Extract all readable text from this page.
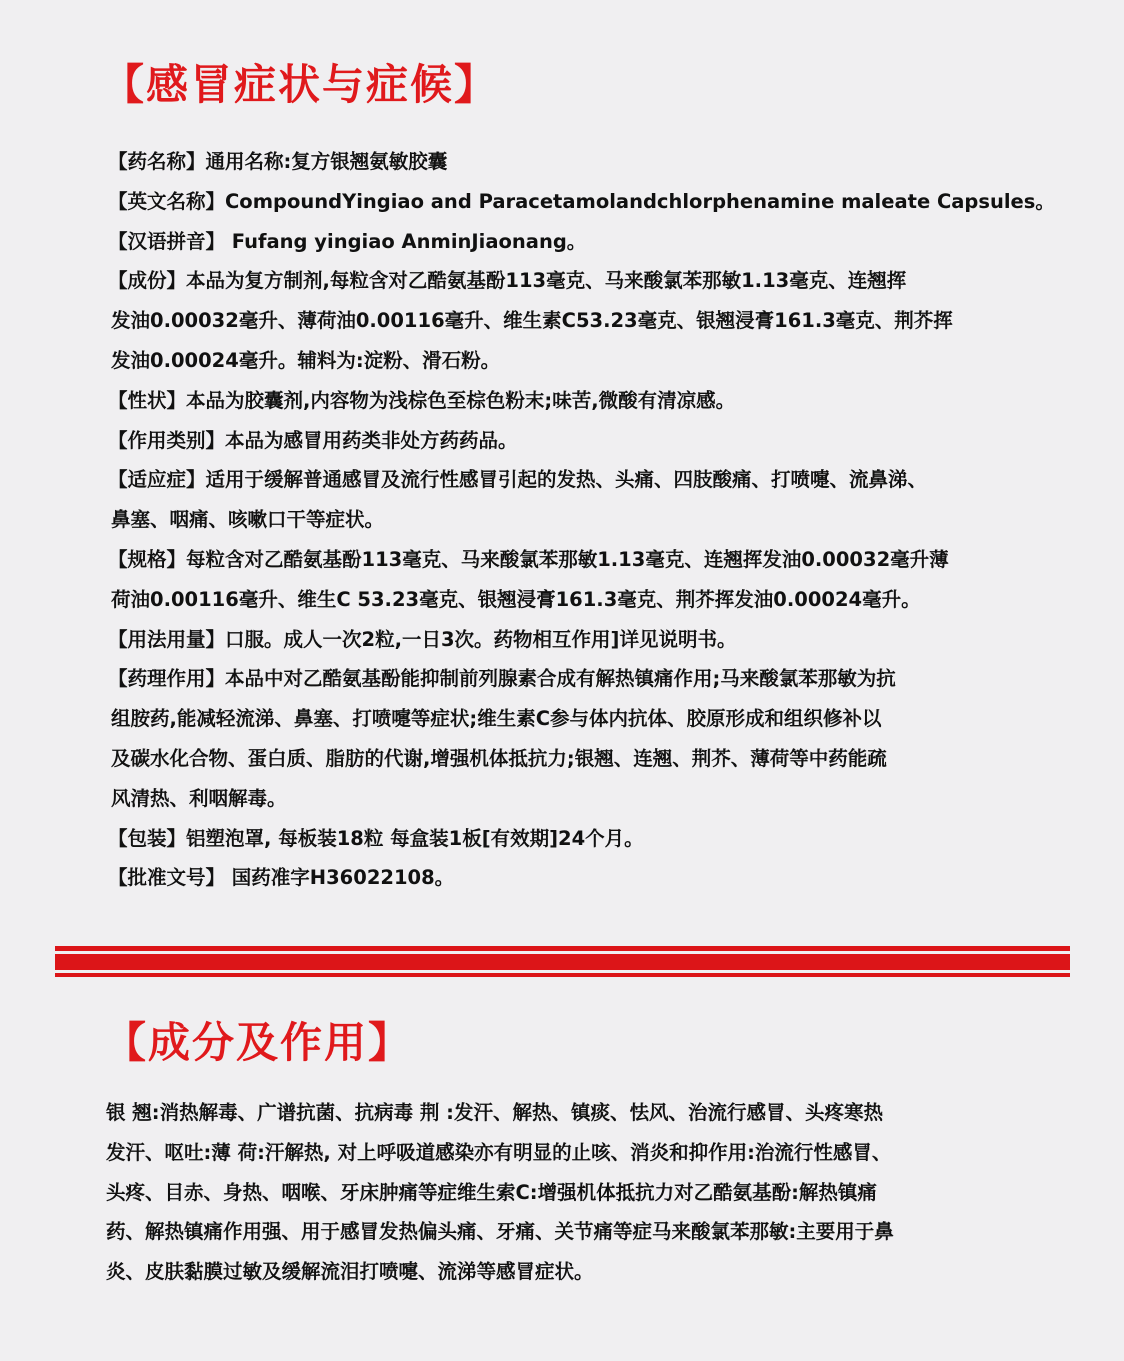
【感冒症状与症候】
【药名称】通用名称:复方银翘氨敏胶囊
【英文名称】CompoundYingiao and Paracetamolandchlorphenamine maleate Capsules。
【汉语拼音】 Fufang yingiao AnminJiaonang。
【成份】本品为复方制剂,每粒含对乙酷氨基酚113毫克、马来酸氯苯那敏1.13毫克、连翘挥
发油0.00032毫升、薄荷油0.00116毫升、维生素C53.23毫克、银翘浸膏161.3毫克、荆芥挥
发油0.00024毫升。辅料为:淀粉、滑石粉。
【性状】本品为胶囊剂,内容物为浅棕色至棕色粉末;味苦,微酸有清凉感。
【作用类别】本品为感冒用药类非处方药药品。
【适应症】适用于缓解普通感冒及流行性感冒引起的发热、头痛、四肢酸痛、打喷嚏、流鼻涕、
鼻塞、咽痛、咳嗽口干等症状。
【规格】每粒含对乙酷氨基酚113毫克、马来酸氯苯那敏1.13毫克、连翘挥发油0.00032毫升薄
荷油0.00116毫升、维生C 53.23毫克、银翘浸膏161.3毫克、荆芥挥发油0.00024毫升。
【用法用量】口服。成人一次2粒,一日3次。药物相互作用]详见说明书。
【药理作用】本品中对乙酷氨基酚能抑制前列腺素合成有解热镇痛作用;马来酸氯苯那敏为抗
组胺药,能减轻流涕、鼻塞、打喷嚏等症状;维生素C参与体内抗体、胶原形成和组织修补以
及碳水化合物、蛋白质、脂肪的代谢,增强机体抵抗力;银翘、连翘、荆芥、薄荷等中药能疏
风清热、利咽解毒。
【包装】铝塑泡罩, 每板装18粒 每盒装1板[有效期]24个月。
【批准文号】 国药准字H36022108。
【成分及作用】
银 翘:消热解毒、广谱抗菌、抗病毒 荆 :发汗、解热、镇痰、怯风、治流行感冒、头疼寒热
发汗、呕吐:薄 荷:汗解热, 对上呼吸道感染亦有明显的止咳、消炎和抑作用:治流行性感冒、
头疼、目赤、身热、咽喉、牙床肿痛等症维生索C:增强机体抵抗力对乙酷氨基酚:解热镇痛
药、解热镇痛作用强、用于感冒发热偏头痛、牙痛、关节痛等症马来酸氯苯那敏:主要用于鼻
炎、皮肤黏膜过敏及缓解流泪打喷嚏、流涕等感冒症状。
